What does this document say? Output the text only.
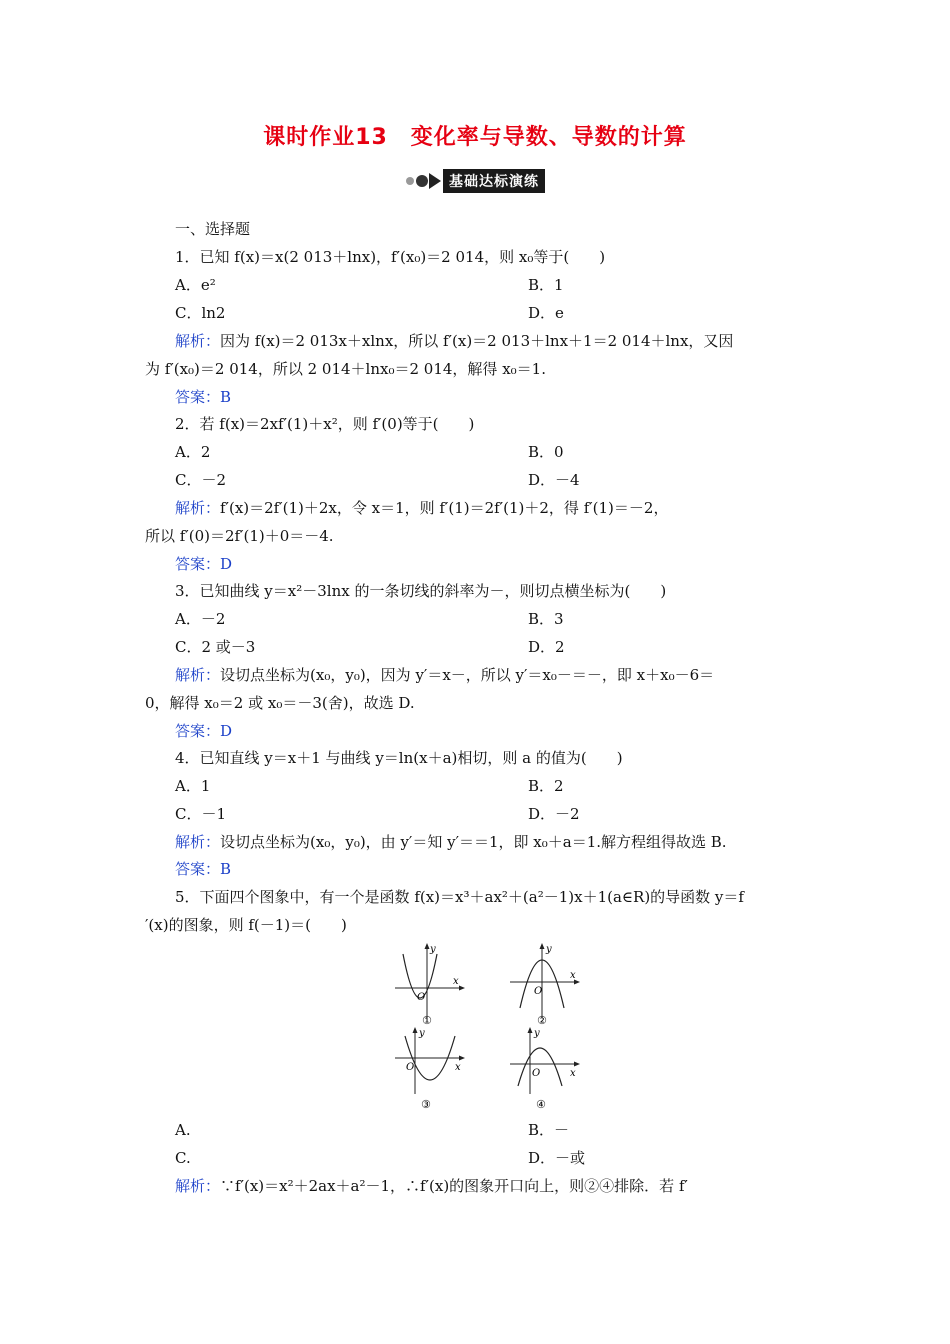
课时作业13　变化率与导数、导数的计算
基础达标演练
一、选择题
1．已知 f(x)＝x(2 013＋lnx)，f′(x₀)＝2 014，则 x₀等于(　　)
A．e²	B．1
C．ln2	D．e
解析：因为 f(x)＝2 013x＋xlnx，所以 f′(x)＝2 013＋lnx＋1＝2 014＋lnx，又因
为 f′(x₀)＝2 014，所以 2 014＋lnx₀＝2 014，解得 x₀＝1.
答案：B
2．若 f(x)＝2xf′(1)＋x²，则 f′(0)等于(　　)
A．2	B．0
C．－2	D．－4
解析：f′(x)＝2f′(1)＋2x，令 x＝1，则 f′(1)＝2f′(1)＋2，得 f′(1)＝－2，
所以 f′(0)＝2f′(1)＋0＝－4.
答案：D
3．已知曲线 y＝x²－3lnx 的一条切线的斜率为－，则切点横坐标为(　　)
A．－2	B．3
C．2 或－3	D．2
解析：设切点坐标为(x₀，y₀)，因为 y′＝x－，所以 y′＝x₀－＝－，即 x＋x₀－6＝
0，解得 x₀＝2 或 x₀＝－3(舍)，故选 D.
答案：D
4．已知直线 y＝x＋1 与曲线 y＝ln(x＋a)相切，则 a 的值为(　　)
A．1	B．2
C．－1	D．－2
解析：设切点坐标为(x₀，y₀)，由 y′＝知 y′＝＝1，即 x₀＋a＝1.解方程组得故选 B.
答案：B
5．下面四个图象中，有一个是函数 f(x)＝x³＋ax²＋(a²－1)x＋1(a∈R)的导函数 y＝f
′(x)的图象，则 f(－1)＝(　　)
y
x
O
①
y
x
O
②
y
x
O
③
y
x
O
④
A.	B．－
C.	D．－或
解析：∵f′(x)＝x²＋2ax＋a²－1，∴f′(x)的图象开口向上，则②④排除．若 f′
